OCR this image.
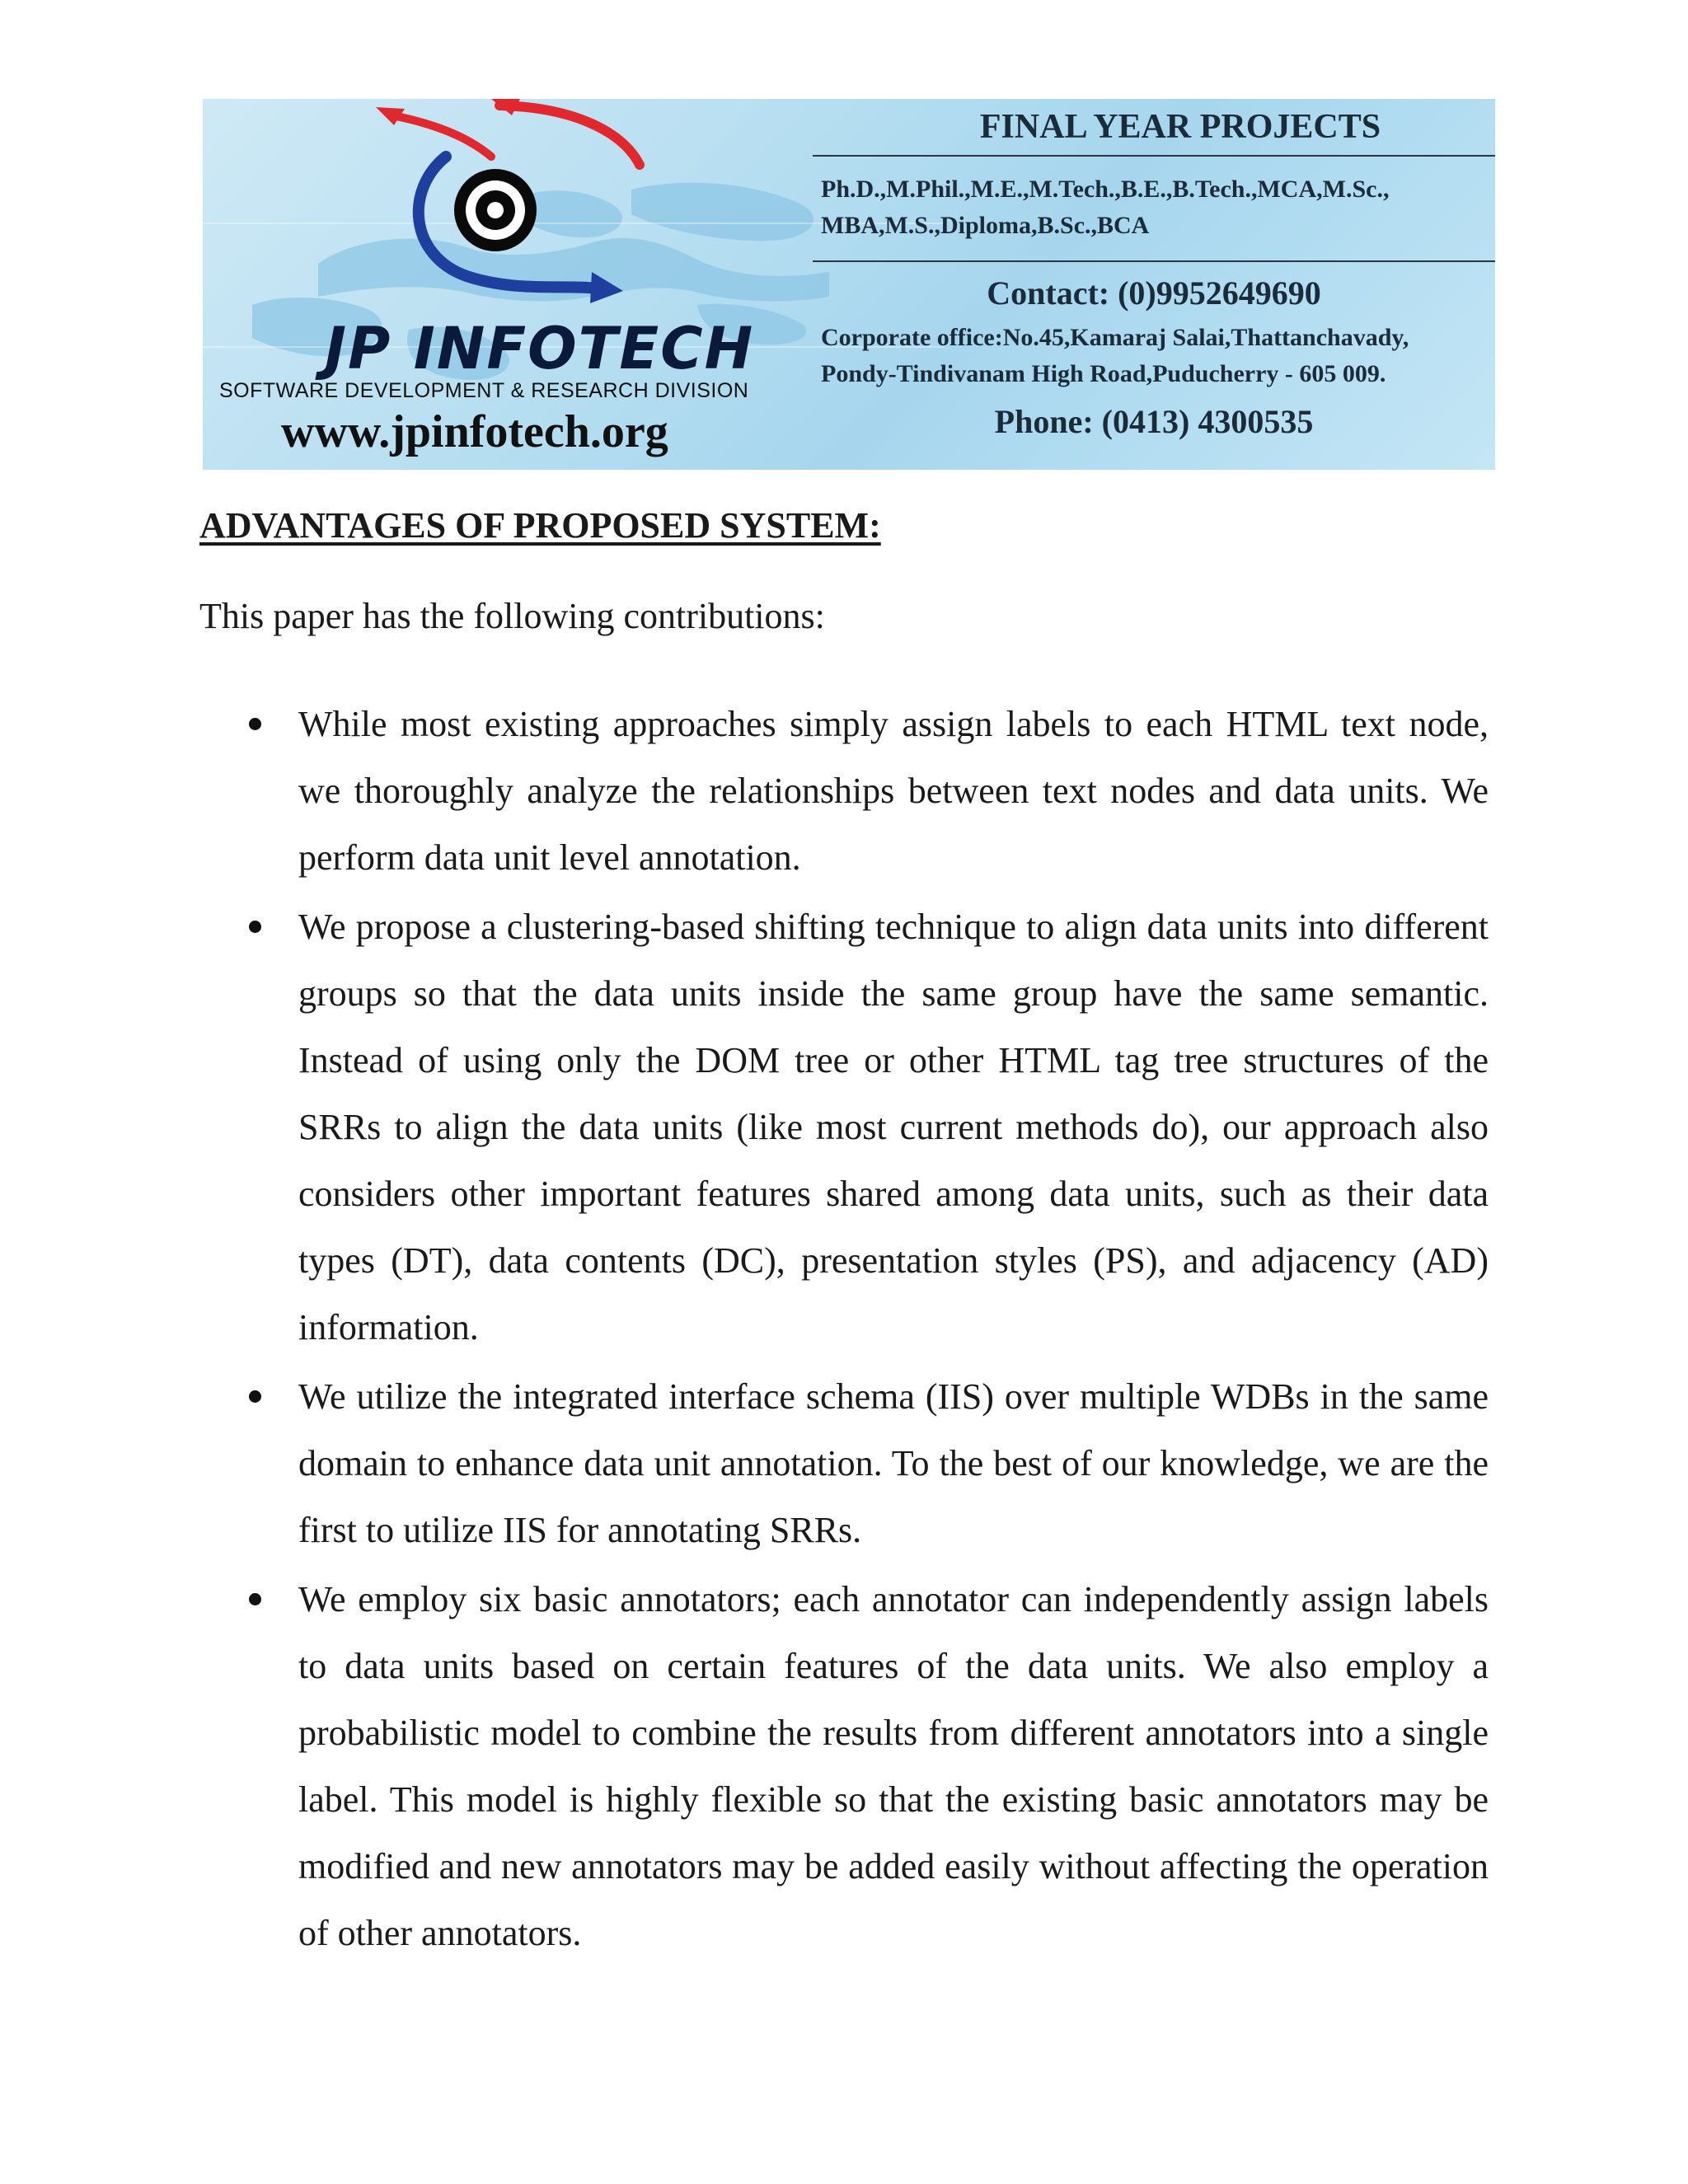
JP INFOTECH
SOFTWARE DEVELOPMENT & RESEARCH DIVISION
www.jpinfotech.org
FINAL YEAR PROJECTS
Ph.D.,M.Phil.,M.E.,M.Tech.,B.E.,B.Tech.,MCA,M.Sc., MBA,M.S.,Diploma,B.Sc.,BCA
Contact: (0)9952649690
Corporate office:No.45,Kamaraj Salai,Thattanchavady, Pondy-Tindivanam High Road,Puducherry - 605 009.
Phone: (0413) 4300535
ADVANTAGES OF PROPOSED SYSTEM:
This paper has the following contributions:
While most existing approaches simply assign labels to each HTML text node, we thoroughly analyze the relationships between text nodes and data units. We perform data unit level annotation.
We propose a clustering-based shifting technique to align data units into different groups so that the data units inside the same group have the same semantic. Instead of using only the DOM tree or other HTML tag tree structures of the SRRs to align the data units (like most current methods do), our approach also considers other important features shared among data units, such as their data types (DT), data contents (DC), presentation styles (PS), and adjacency (AD) information.
We utilize the integrated interface schema (IIS) over multiple WDBs in the same domain to enhance data unit annotation. To the best of our knowledge, we are the first to utilize IIS for annotating SRRs.
We employ six basic annotators; each annotator can independently assign labels to data units based on certain features of the data units. We also employ a probabilistic model to combine the results from different annotators into a single label. This model is highly flexible so that the existing basic annotators may be modified and new annotators may be added easily without affecting the operation of other annotators.
